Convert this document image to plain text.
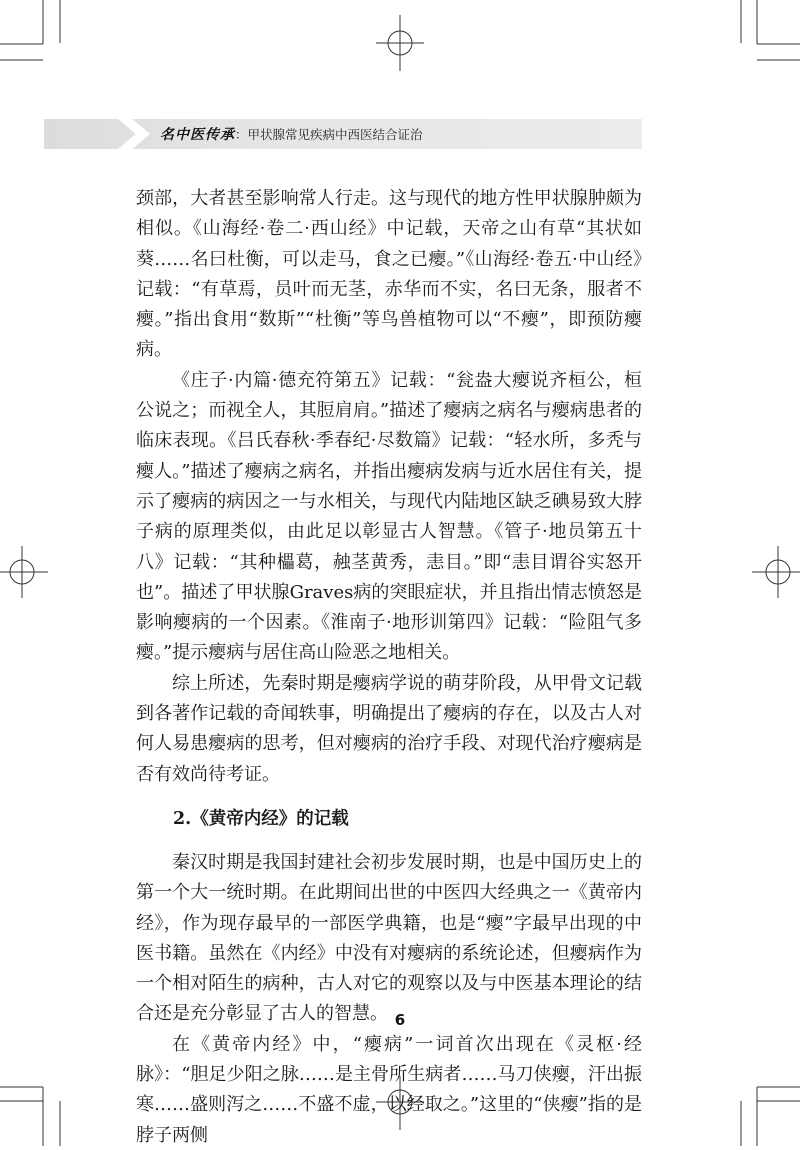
名中医传承 ：甲状腺常见疾病中西医结合证治

颈部，大者甚至影响常人行走。这与现代的地方性甲状腺肿颇为相似。《山海经·卷二·西山经》中记载，天帝之山有草“其状如葵……名曰杜衡，可以走马，食之已瘿。”《山海经·卷五·中山经》记载：“有草焉，员叶而无茎，赤华而不实，名曰无条，服者不瘿。”指出食用“数斯”“杜衡”等鸟兽植物可以“不瘿”，即预防瘿病。

《庄子·内篇·德充符第五》记载：“瓮盎大瘿说齐桓公，桓公说之；而视全人，其脰肩肩。”描述了瘿病之病名与瘿病患者的临床表现。《吕氏春秋·季春纪·尽数篇》记载：“轻水所，多秃与瘿人。”描述了瘿病之病名，并指出瘿病发病与近水居住有关，提示了瘿病的病因之一与水相关，与现代内陆地区缺乏碘易致大脖子病的原理类似，由此足以彰显古人智慧。《管子·地员第五十八》记载：“其种櫑葛，赨茎黄秀，恚目。”即“恚目谓谷实怒开也”。描述了甲状腺Graves病的突眼症状，并且指出情志愤怒是影响瘿病的一个因素。《淮南子·地形训第四》记载：“险阻气多瘿。”提示瘿病与居住高山险恶之地相关。

综上所述，先秦时期是瘿病学说的萌芽阶段，从甲骨文记载到各著作记载的奇闻轶事，明确提出了瘿病的存在，以及古人对何人易患瘿病的思考，但对瘿病的治疗手段、对现代治疗瘿病是否有效尚待考证。

2.《黄帝内经》的记载

秦汉时期是我国封建社会初步发展时期，也是中国历史上的第一个大一统时期。在此期间出世的中医四大经典之一《黄帝内经》，作为现存最早的一部医学典籍，也是“瘿”字最早出现的中医书籍。虽然在《内经》中没有对瘿病的系统论述，但瘿病作为一个相对陌生的病种，古人对它的观察以及与中医基本理论的结合还是充分彰显了古人的智慧。

在《黄帝内经》中，“瘿病”一词首次出现在《灵枢·经脉》：“胆足少阳之脉……是主骨所生病者……马刀侠瘿，汗出振寒……盛则泻之……不盛不虚，以经取之。”这里的“侠瘿”指的是脖子两侧

6
